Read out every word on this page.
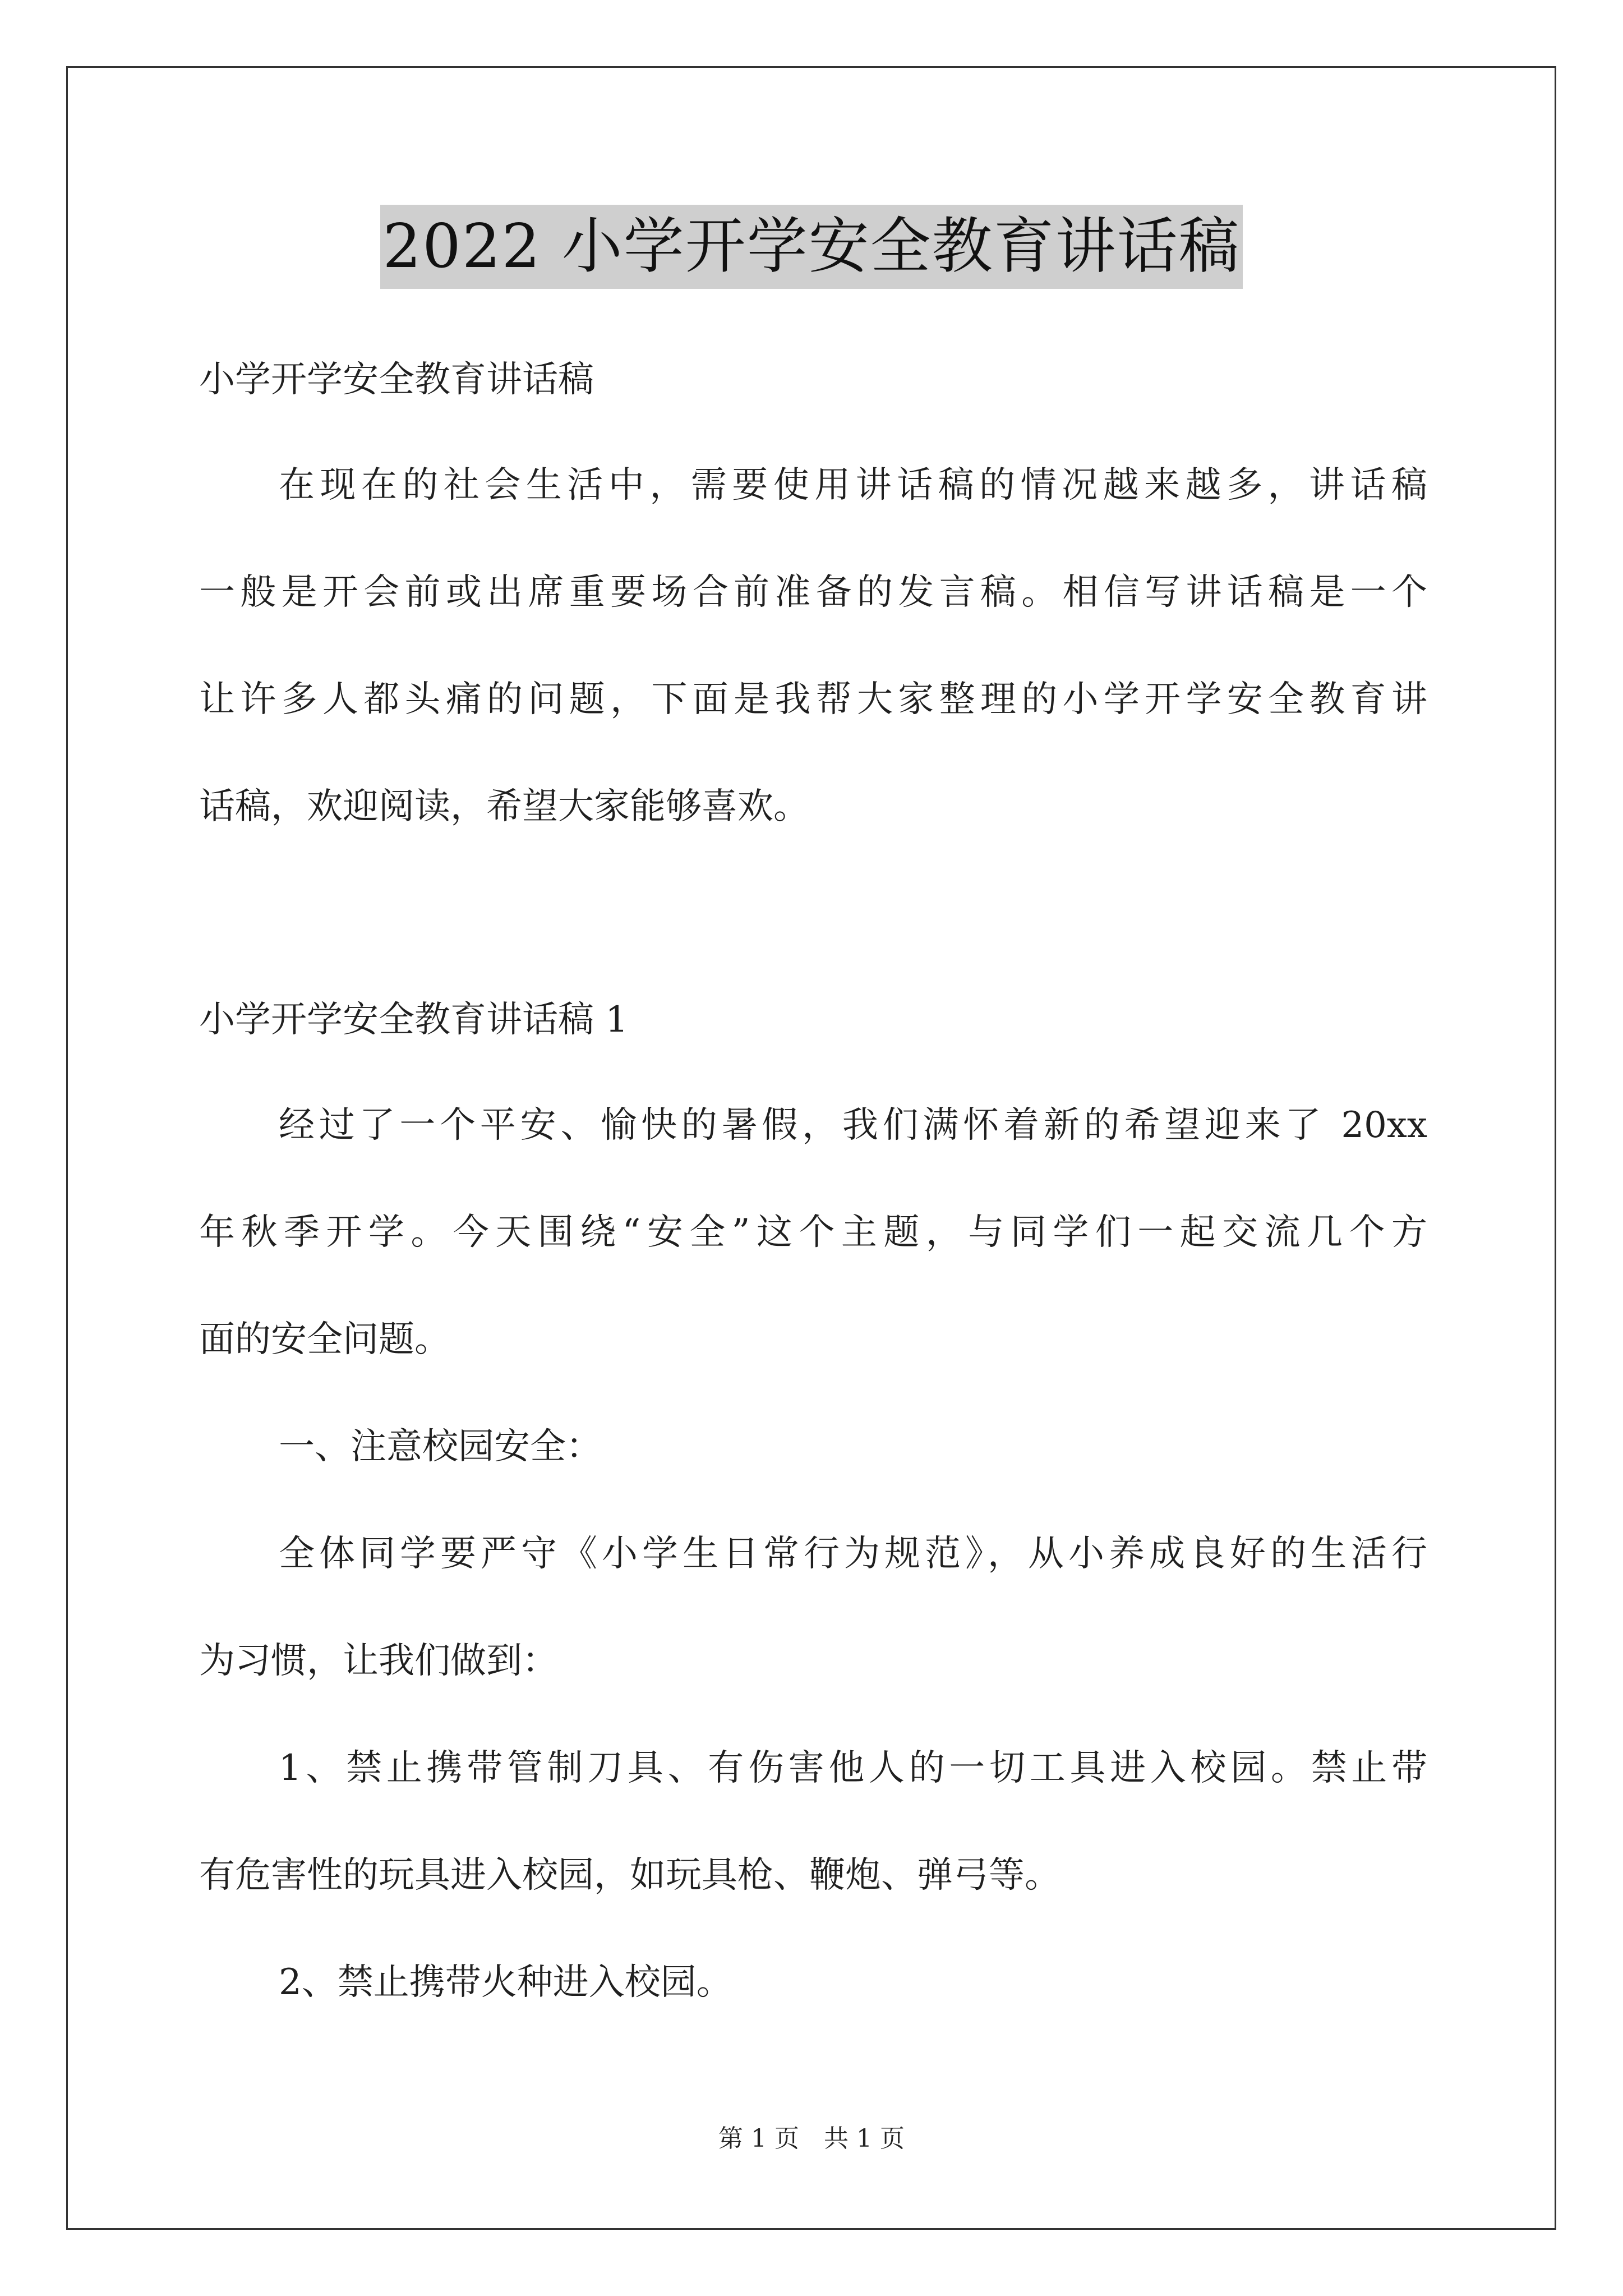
2022 小学开学安全教育讲话稿
小学开学安全教育讲话稿
在现在的社会生活中，需要使用讲话稿的情况越来越多，讲话稿
一般是开会前或出席重要场合前准备的发言稿。相信写讲话稿是一个
让许多人都头痛的问题，下面是我帮大家整理的小学开学安全教育讲
话稿，欢迎阅读，希望大家能够喜欢。
小学开学安全教育讲话稿 1
经过了一个平安、愉快的暑假，我们满怀着新的希望迎来了 20xx
年秋季开学。今天围绕“安全”这个主题，与同学们一起交流几个方
面的安全问题。
一、注意校园安全：
全体同学要严守《小学生日常行为规范》，从小养成良好的生活行
为习惯，让我们做到：
1、禁止携带管制刀具、有伤害他人的一切工具进入校园。禁止带
有危害性的玩具进入校园，如玩具枪、鞭炮、弹弓等。
2、禁止携带火种进入校园。
第 1 页　共 1 页
